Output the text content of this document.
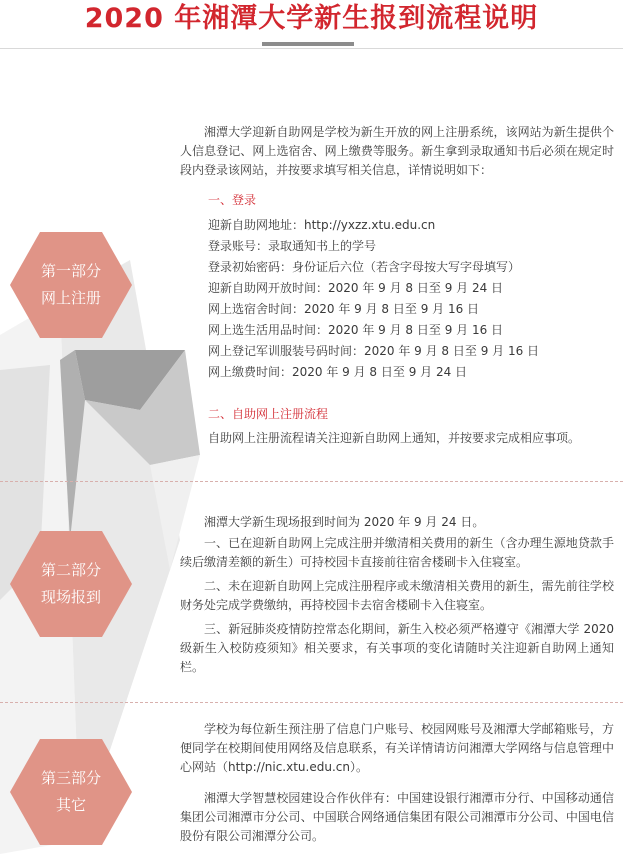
2020 年湘潭大学新生报到流程说明
第一部分
网上注册
第二部分
现场报到
第三部分
其它

湘潭大学迎新自助网是学校为新生开放的网上注册系统，该网站为新生提供个人信息登记、网上选宿舍、网上缴费等服务。新生拿到录取通知书后必须在规定时段内登录该网站，并按要求填写相关信息，详情说明如下：

一、登录

迎新自助网地址：http://yxzz.xtu.edu.cn

登录账号：录取通知书上的学号

登录初始密码：身份证后六位（若含字母按大写字母填写）

迎新自助网开放时间：2020 年 9 月 8 日至 9 月 24 日

网上选宿舍时间：2020 年 9 月 8 日至 9 月 16 日

网上选生活用品时间：2020 年 9 月 8 日至 9 月 16 日

网上登记军训服装号码时间：2020 年 9 月 8 日至 9 月 16 日

网上缴费时间：2020 年 9 月 8 日至 9 月 24 日

二、自助网上注册流程

自助网上注册流程请关注迎新自助网上通知，并按要求完成相应事项。

湘潭大学新生现场报到时间为 2020 年 9 月 24 日。

一、已在迎新自助网上完成注册并缴清相关费用的新生（含办理生源地贷款手续后缴清差额的新生）可持校园卡直接前往宿舍楼刷卡入住寝室。

二、未在迎新自助网上完成注册程序或未缴清相关费用的新生，需先前往学校财务处完成学费缴纳，再持校园卡去宿舍楼刷卡入住寝室。

三、新冠肺炎疫情防控常态化期间，新生入校必须严格遵守《湘潭大学 2020 级新生入校防疫须知》相关要求，有关事项的变化请随时关注迎新自助网上通知栏。

学校为每位新生预注册了信息门户账号、校园网账号及湘潭大学邮箱账号，方便同学在校期间使用网络及信息联系，有关详情请访问湘潭大学网络与信息管理中心网站（http://nic.xtu.edu.cn）。

湘潭大学智慧校园建设合作伙伴有：中国建设银行湘潭市分行、中国移动通信集团公司湘潭市分公司、中国联合网络通信集团有限公司湘潭市分公司、中国电信股份有限公司湘潭分公司。
